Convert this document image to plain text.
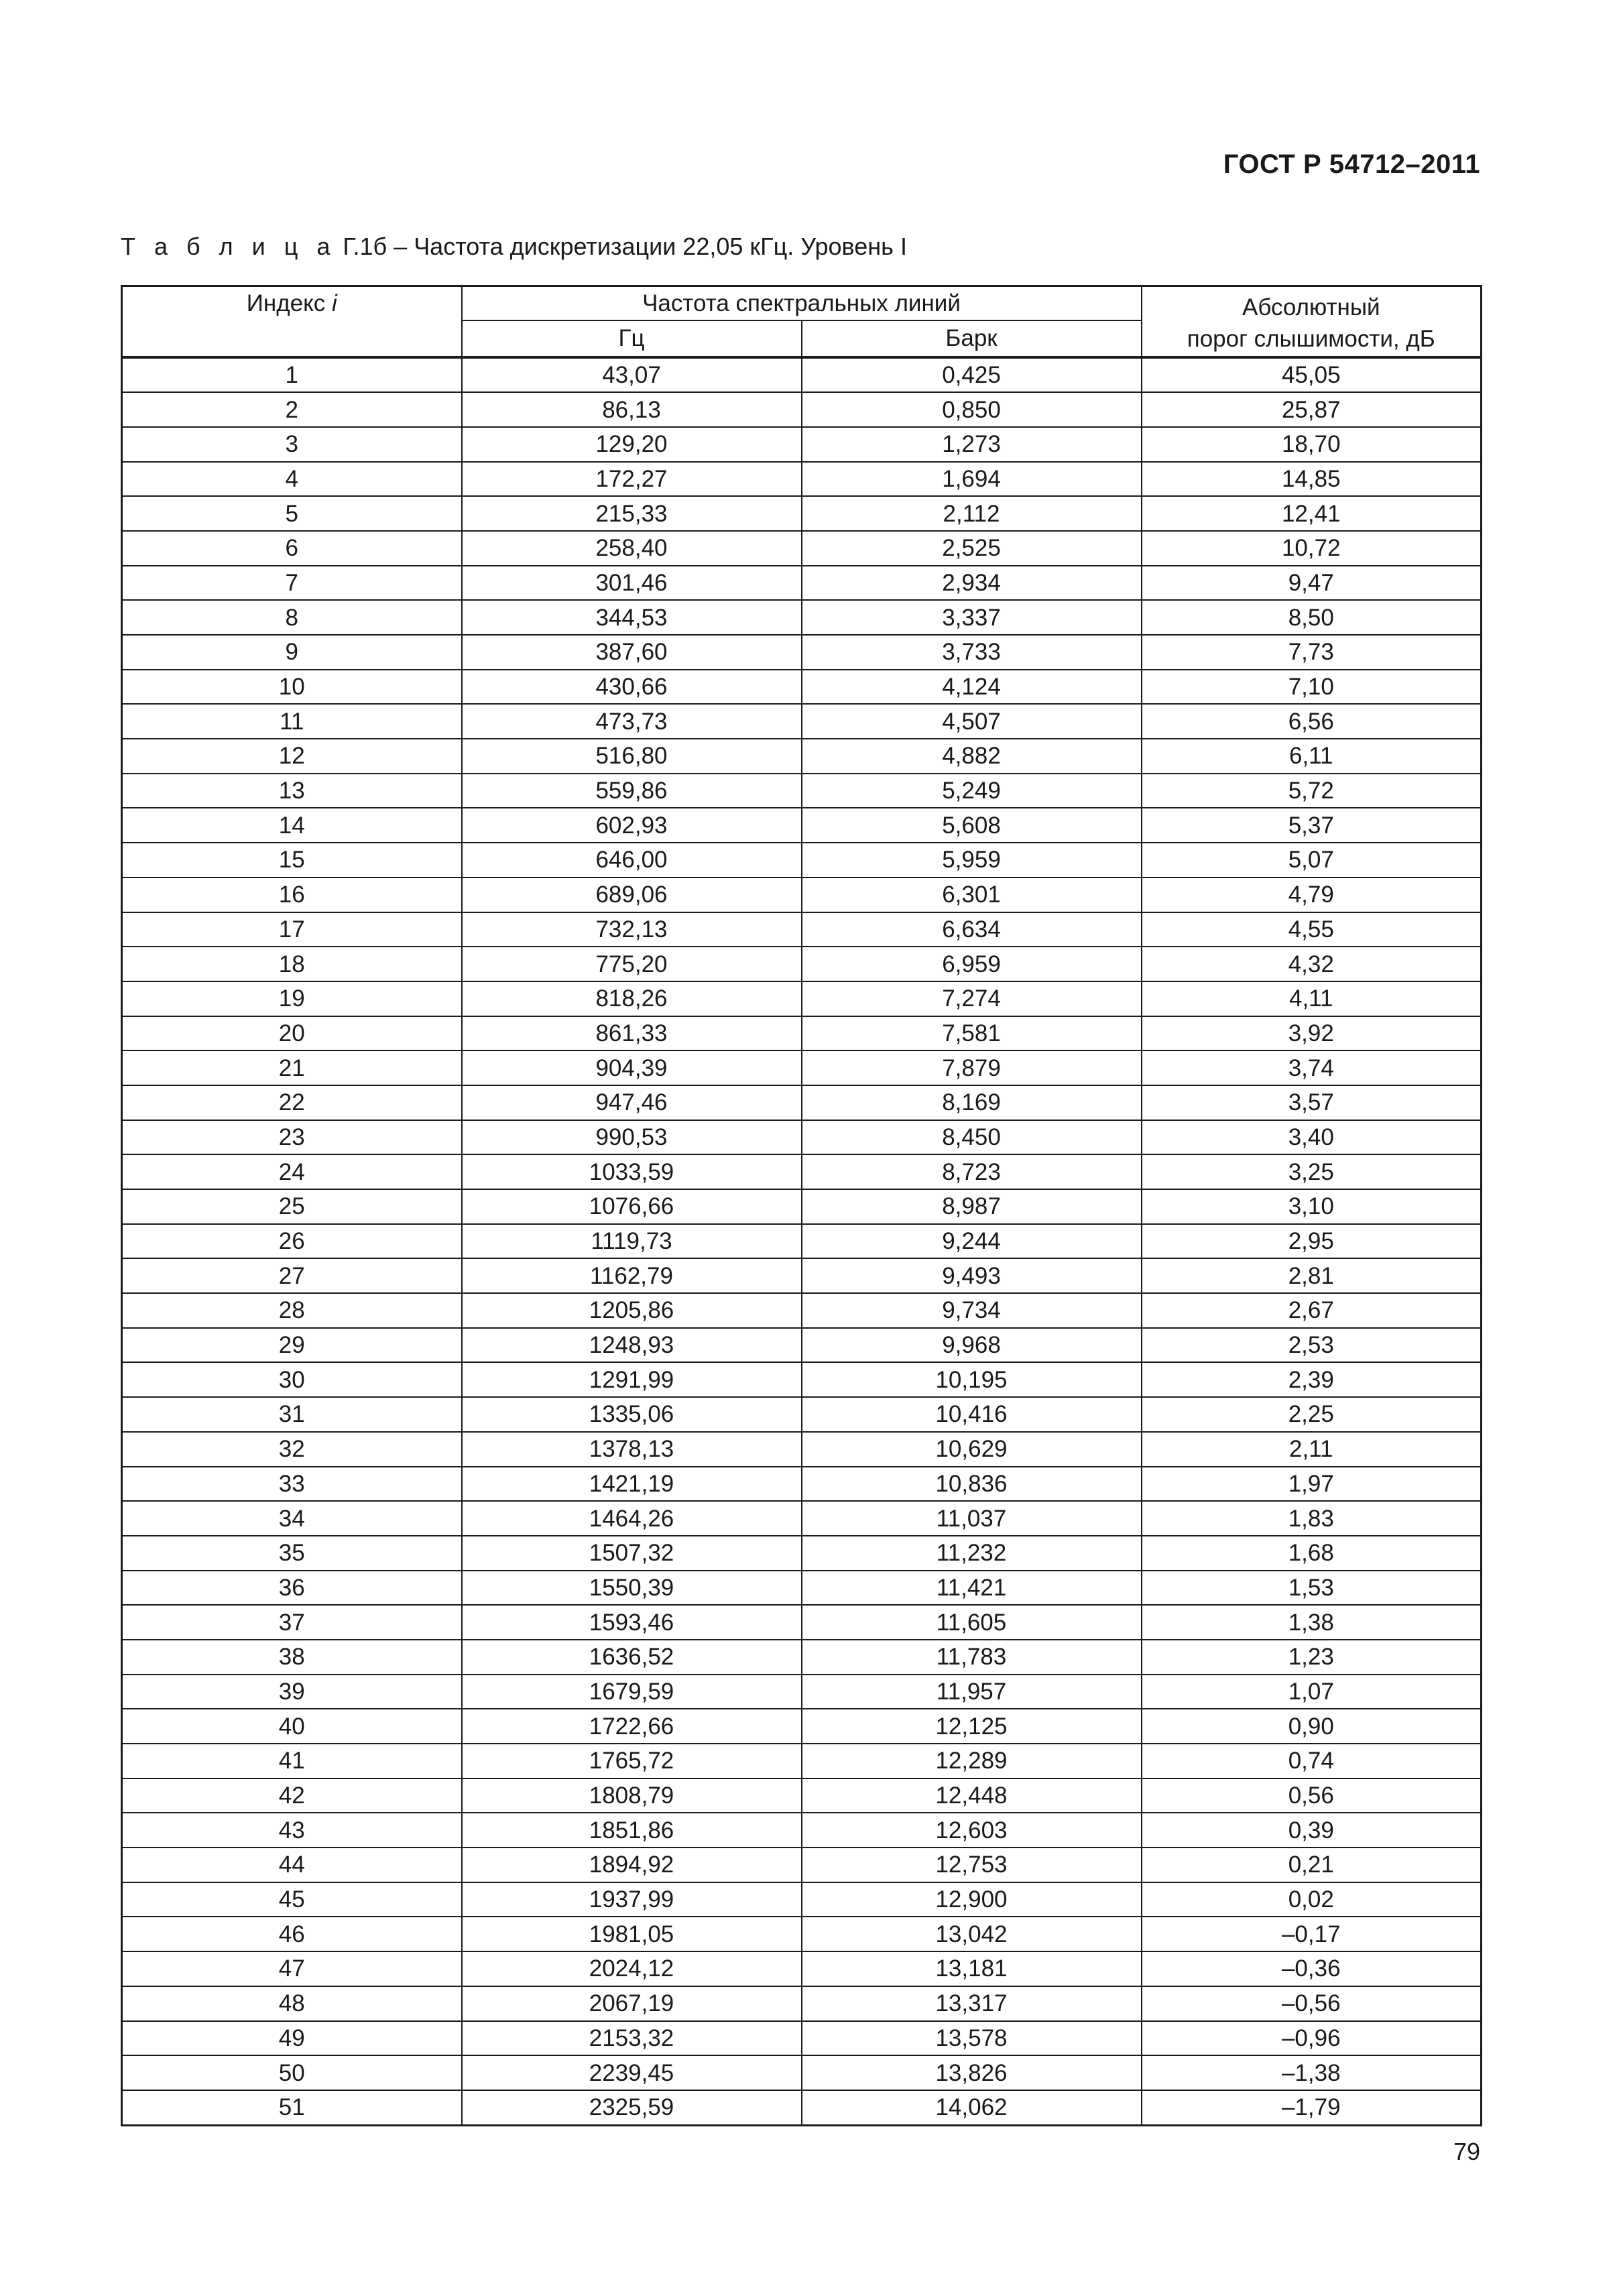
ГОСТ Р 54712–2011
Т а б л и ц а Г.1б – Частота дискретизации 22,05 кГц. Уровень I
Индекс i	Частота спектральных линий		Абсолютный
порог слышимости, дБ
	Гц	Барк	
1	43,07	0,425	45,05
2	86,13	0,850	25,87
3	129,20	1,273	18,70
4	172,27	1,694	14,85
5	215,33	2,112	12,41
6	258,40	2,525	10,72
7	301,46	2,934	9,47
8	344,53	3,337	8,50
9	387,60	3,733	7,73
10	430,66	4,124	7,10
11	473,73	4,507	6,56
12	516,80	4,882	6,11
13	559,86	5,249	5,72
14	602,93	5,608	5,37
15	646,00	5,959	5,07
16	689,06	6,301	4,79
17	732,13	6,634	4,55
18	775,20	6,959	4,32
19	818,26	7,274	4,11
20	861,33	7,581	3,92
21	904,39	7,879	3,74
22	947,46	8,169	3,57
23	990,53	8,450	3,40
24	1033,59	8,723	3,25
25	1076,66	8,987	3,10
26	1119,73	9,244	2,95
27	1162,79	9,493	2,81
28	1205,86	9,734	2,67
29	1248,93	9,968	2,53
30	1291,99	10,195	2,39
31	1335,06	10,416	2,25
32	1378,13	10,629	2,11
33	1421,19	10,836	1,97
34	1464,26	11,037	1,83
35	1507,32	11,232	1,68
36	1550,39	11,421	1,53
37	1593,46	11,605	1,38
38	1636,52	11,783	1,23
39	1679,59	11,957	1,07
40	1722,66	12,125	0,90
41	1765,72	12,289	0,74
42	1808,79	12,448	0,56
43	1851,86	12,603	0,39
44	1894,92	12,753	0,21
45	1937,99	12,900	0,02
46	1981,05	13,042	–0,17
47	2024,12	13,181	–0,36
48	2067,19	13,317	–0,56
49	2153,32	13,578	–0,96
50	2239,45	13,826	–1,38
51	2325,59	14,062	–1,79
79
